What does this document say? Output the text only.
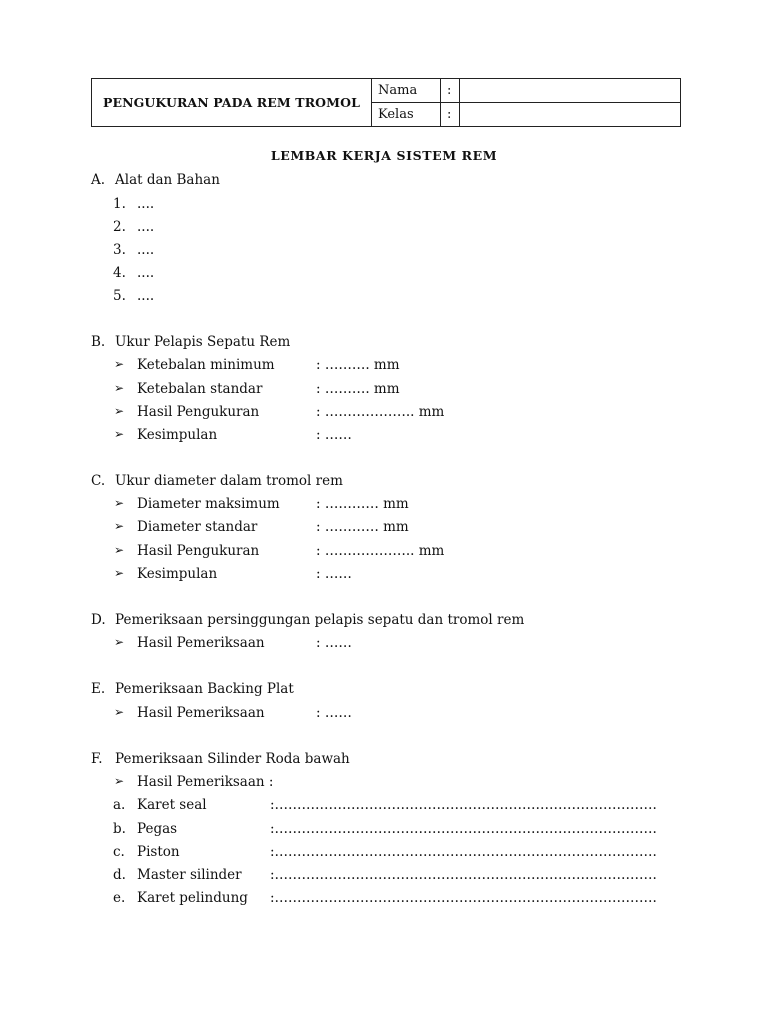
PENGUKURAN PADA REM TROMOL	Nama	:	
	Kelas	:	
LEMBAR KERJA SISTEM REM
A. Alat dan Bahan
1. ....
2. ....
3. ....
4. ....
5. ....
B. Ukur Pelapis Sepatu Rem
➢ Ketebalan minimum	: ………. mm
➢ Ketebalan standar	: ………. mm
➢ Hasil Pengukuran	: ……………….. mm
➢ Kesimpulan	: ……
C. Ukur diameter dalam tromol rem
➢ Diameter maksimum	: ………… mm
➢ Diameter standar	: ………… mm
➢ Hasil Pengukuran	: ……………….. mm
➢ Kesimpulan	: ……
D. Pemeriksaan persinggungan pelapis sepatu dan tromol rem
➢ Hasil Pemeriksaan	: ……
E. Pemeriksaan Backing Plat
➢ Hasil Pemeriksaan	: ……
F. Pemeriksaan Silinder Roda bawah
➢ Hasil Pemeriksaan :
a. Karet seal	:………………………………………………………………………….
b. Pegas	:………………………………………………………………………….
c. Piston	:………………………………………………………………………….
d. Master silinder :………………………………………………………………………….
e. Karet pelindung :………………………………………………………………………….
